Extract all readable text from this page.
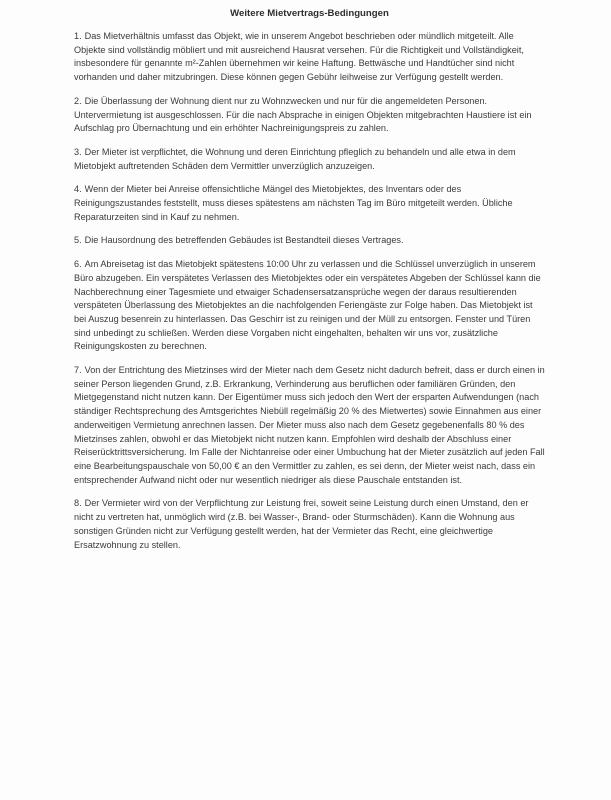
Weitere Mietvertrags-Bedingungen

1. Das Mietverhältnis umfasst das Objekt, wie in unserem Angebot beschrieben oder mündlich mitgeteilt. Alle Objekte sind vollständig möbliert und mit ausreichend Hausrat versehen. Für die Richtigkeit und Vollständigkeit, insbesondere für genannte m²-Zahlen übernehmen wir keine Haftung. Bettwäsche und Handtücher sind nicht vorhanden und daher mitzubringen. Diese können gegen Gebühr leihweise zur Verfügung gestellt werden.

2. Die Überlassung der Wohnung dient nur zu Wohnzwecken und nur für die angemeldeten Personen. Untervermietung ist ausgeschlossen. Für die nach Absprache in einigen Objekten mitgebrachten Haustiere ist ein Aufschlag pro Übernachtung und ein erhöhter Nachreinigungspreis zu zahlen.

3. Der Mieter ist verpflichtet, die Wohnung und deren Einrichtung pfleglich zu behandeln und alle etwa in dem Mietobjekt auftretenden Schäden dem Vermittler unverzüglich anzuzeigen.

4. Wenn der Mieter bei Anreise offensichtliche Mängel des Mietobjektes, des Inventars oder des Reinigungszustandes feststellt, muss dieses spätestens am nächsten Tag im Büro mitgeteilt werden. Übliche Reparaturzeiten sind in Kauf zu nehmen.

5. Die Hausordnung des betreffenden Gebäudes ist Bestandteil dieses Vertrages.

6. Am Abreisetag ist das Mietobjekt spätestens 10:00 Uhr zu verlassen und die Schlüssel unverzüglich in unserem Büro abzugeben. Ein verspätetes Verlassen des Mietobjektes oder ein verspätetes Abgeben der Schlüssel kann die Nachberechnung einer Tagesmiete und etwaiger Schadensersatzansprüche wegen der daraus resultierenden verspäteten Überlassung des Mietobjektes an die nachfolgenden Feriengäste zur Folge haben. Das Mietobjekt ist bei Auszug besenrein zu hinterlassen. Das Geschirr ist zu reinigen und der Müll zu entsorgen. Fenster und Türen sind unbedingt zu schließen. Werden diese Vorgaben nicht eingehalten, behalten wir uns vor, zusätzliche Reinigungskosten zu berechnen.

7. Von der Entrichtung des Mietzinses wird der Mieter nach dem Gesetz nicht dadurch befreit, dass er durch einen in seiner Person liegenden Grund, z.B. Erkrankung, Verhinderung aus beruflichen oder familiären Gründen, den Mietgegenstand nicht nutzen kann. Der Eigentümer muss sich jedoch den Wert der ersparten Aufwendungen (nach ständiger Rechtsprechung des Amtsgerichtes Niebüll regelmäßig 20 % des Mietwertes) sowie Einnahmen aus einer anderweitigen Vermietung anrechnen lassen. Der Mieter muss also nach dem Gesetz gegebenenfalls 80 % des Mietzinses zahlen, obwohl er das Mietobjekt nicht nutzen kann. Empfohlen wird deshalb der Abschluss einer Reiserücktrittsversicherung. Im Falle der Nichtanreise oder einer Umbuchung hat der Mieter zusätzlich auf jeden Fall eine Bearbeitungspauschale von 50,00 € an den Vermittler zu zahlen, es sei denn, der Mieter weist nach, dass ein entsprechender Aufwand nicht oder nur wesentlich niedriger als diese Pauschale entstanden ist.

8. Der Vermieter wird von der Verpflichtung zur Leistung frei, soweit seine Leistung durch einen Umstand, den er nicht zu vertreten hat, unmöglich wird (z.B. bei Wasser-, Brand- oder Sturmschäden). Kann die Wohnung aus sonstigen Gründen nicht zur Verfügung gestellt werden, hat der Vermieter das Recht, eine gleichwertige Ersatzwohnung zu stellen.
